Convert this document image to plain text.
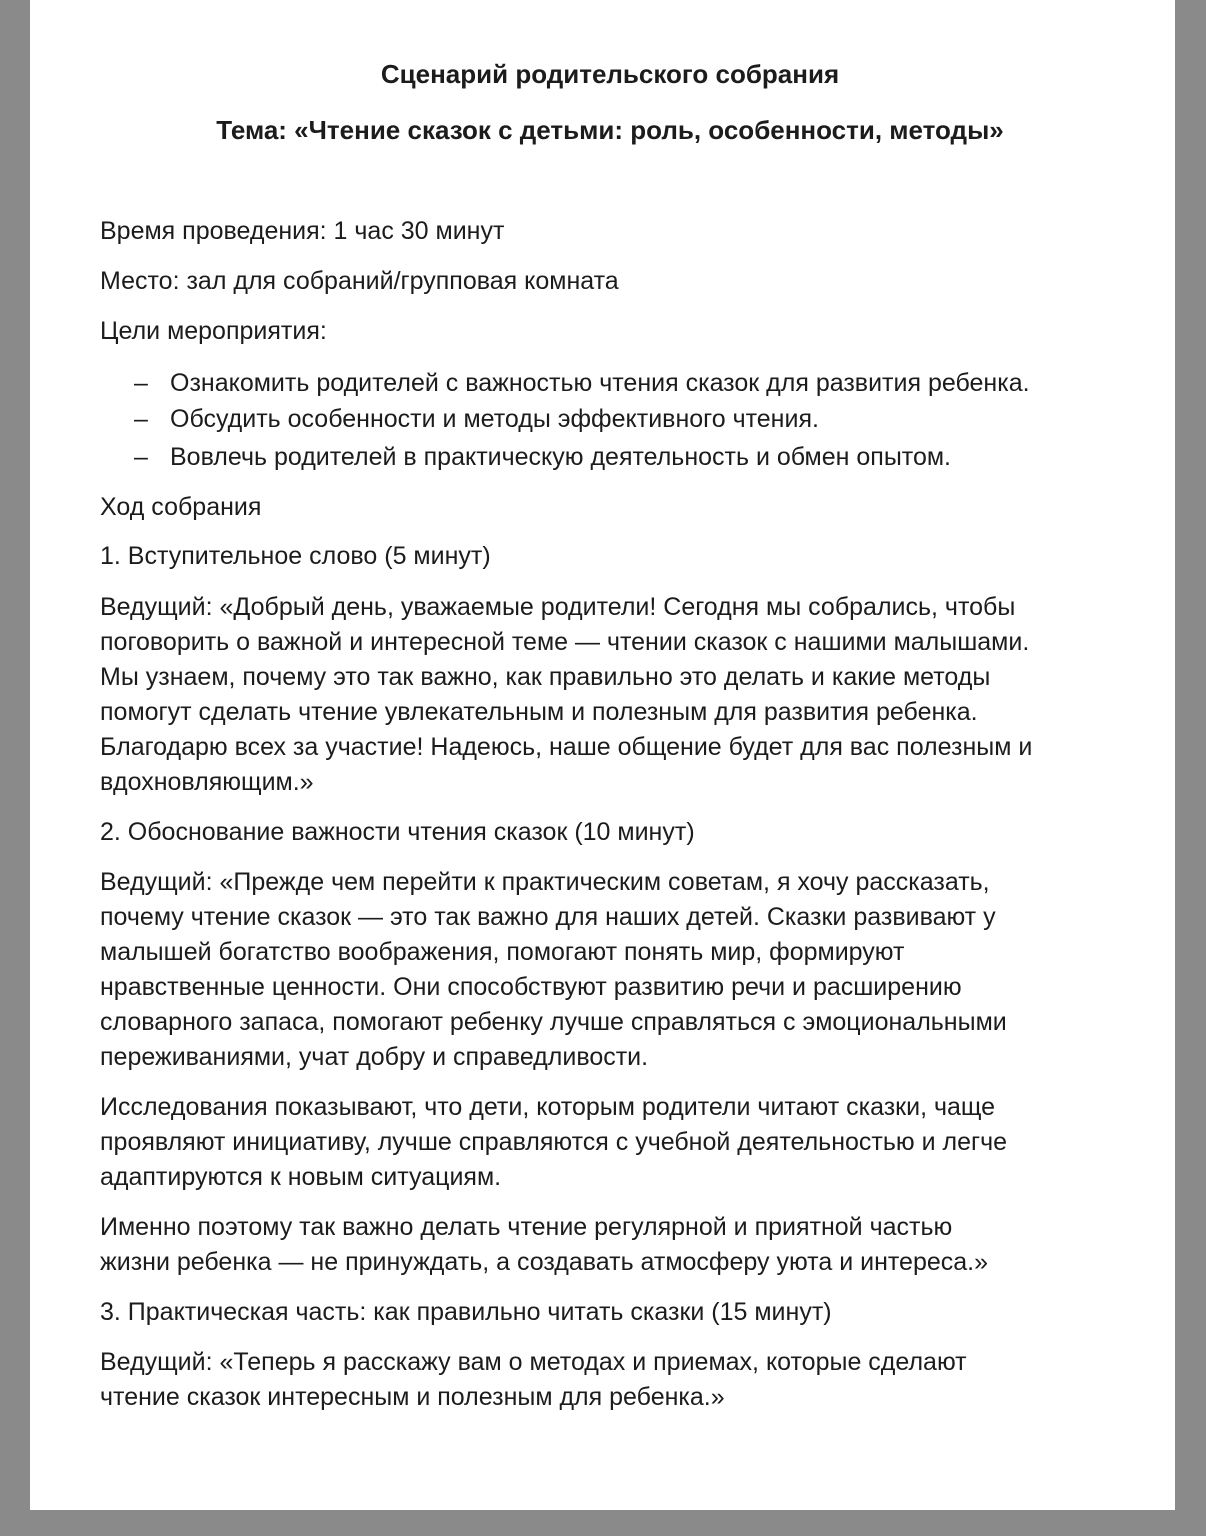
Сценарий родительского собрания
Тема: «Чтение сказок с детьми: роль, особенности, методы»
Время проведения: 1 час 30 минут
Место: зал для собраний/групповая комната
Цели мероприятия:
– Ознакомить родителей с важностью чтения сказок для развития ребенка.
– Обсудить особенности и методы эффективного чтения.
– Вовлечь родителей в практическую деятельность и обмен опытом.
Ход собрания
1. Вступительное слово (5 минут)
Ведущий: «Добрый день, уважаемые родители! Сегодня мы собрались, чтобы
поговорить о важной и интересной теме — чтении сказок с нашими малышами.
Мы узнаем, почему это так важно, как правильно это делать и какие методы
помогут сделать чтение увлекательным и полезным для развития ребенка.
Благодарю всех за участие! Надеюсь, наше общение будет для вас полезным и
вдохновляющим.»
2. Обоснование важности чтения сказок (10 минут)
Ведущий: «Прежде чем перейти к практическим советам, я хочу рассказать,
почему чтение сказок — это так важно для наших детей. Сказки развивают у
малышей богатство воображения, помогают понять мир, формируют
нравственные ценности. Они способствуют развитию речи и расширению
словарного запаса, помогают ребенку лучше справляться с эмоциональными
переживаниями, учат добру и справедливости.
Исследования показывают, что дети, которым родители читают сказки, чаще
проявляют инициативу, лучше справляются с учебной деятельностью и легче
адаптируются к новым ситуациям.
Именно поэтому так важно делать чтение регулярной и приятной частью
жизни ребенка — не принуждать, а создавать атмосферу уюта и интереса.»
3. Практическая часть: как правильно читать сказки (15 минут)
Ведущий: «Теперь я расскажу вам о методах и приемах, которые сделают
чтение сказок интересным и полезным для ребенка.»
